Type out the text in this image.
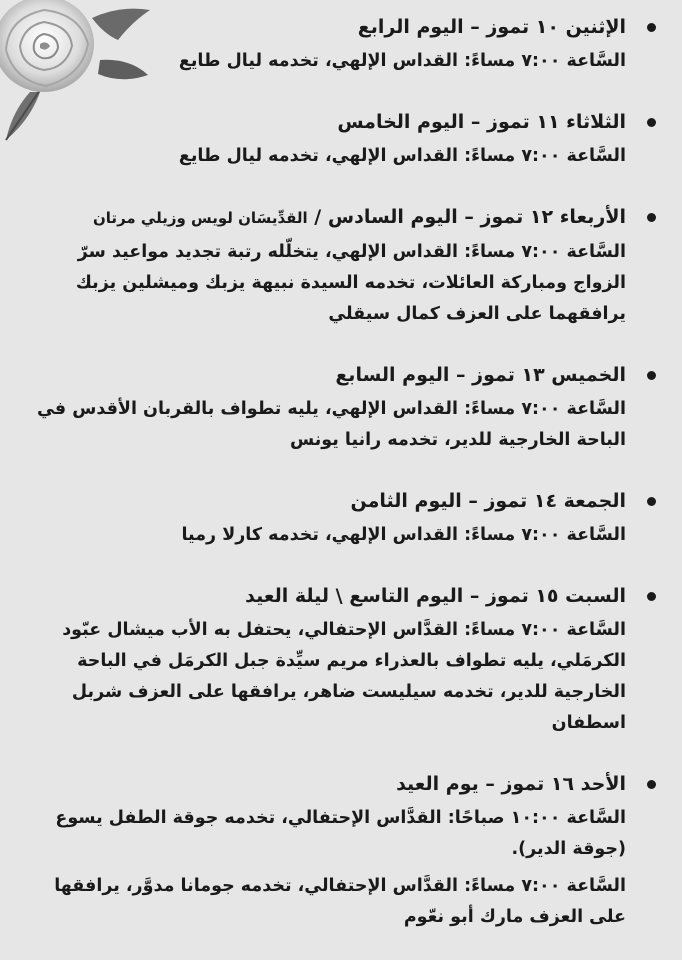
الإثنين ١٠ تموز – اليوم الرابع
السَّاعة ٧:٠٠ مساءً: القداس الإلهي، تخدمه ليال طايع
الثلاثاء ١١ تموز – اليوم الخامس
السَّاعة ٧:٠٠ مساءً: القداس الإلهي، تخدمه ليال طايع
الأربعاء ١٢ تموز – اليوم السادس / القدِّيسَان لويس وزيلي مرتان
السَّاعة ٧:٠٠ مساءً: القداس الإلهي، يتخلّله رتبة تجديد مواعيد سرّ الزواج ومباركة العائلات، تخدمه السيدة نبيهة يزبك وميشلين يزبك يرافقهما على العزف كمال سيقلي
الخميس ١٣ تموز – اليوم السابع
السَّاعة ٧:٠٠ مساءً: القداس الإلهي، يليه تطواف بالقربان الأقدس في الباحة الخارجية للدير، تخدمه رانيا يونس
الجمعة ١٤ تموز – اليوم الثامن
السَّاعة ٧:٠٠ مساءً: القداس الإلهي، تخدمه كارلا رميا
السبت ١٥ تموز – اليوم التاسع \ ليلة العيد
السَّاعة ٧:٠٠ مساءً: القدَّاس الإحتفالي، يحتفل به الأب ميشال عبّود الكرمَلي، يليه تطواف بالعذراء مريم سيِّدة جبل الكرمَل في الباحة الخارجية للدير، تخدمه سيليست ضاهر، يرافقها على العزف شربل اسطفان
الأحد ١٦ تموز – يوم العيد
السَّاعة ١٠:٠٠ صباحًا: القدَّاس الإحتفالي، تخدمه جوقة الطفل يسوع (جوقة الدير).
السَّاعة ٧:٠٠ مساءً: القدَّاس الإحتفالي، تخدمه جومانا مدوَّر، يرافقها على العزف مارك أبو نعّوم
